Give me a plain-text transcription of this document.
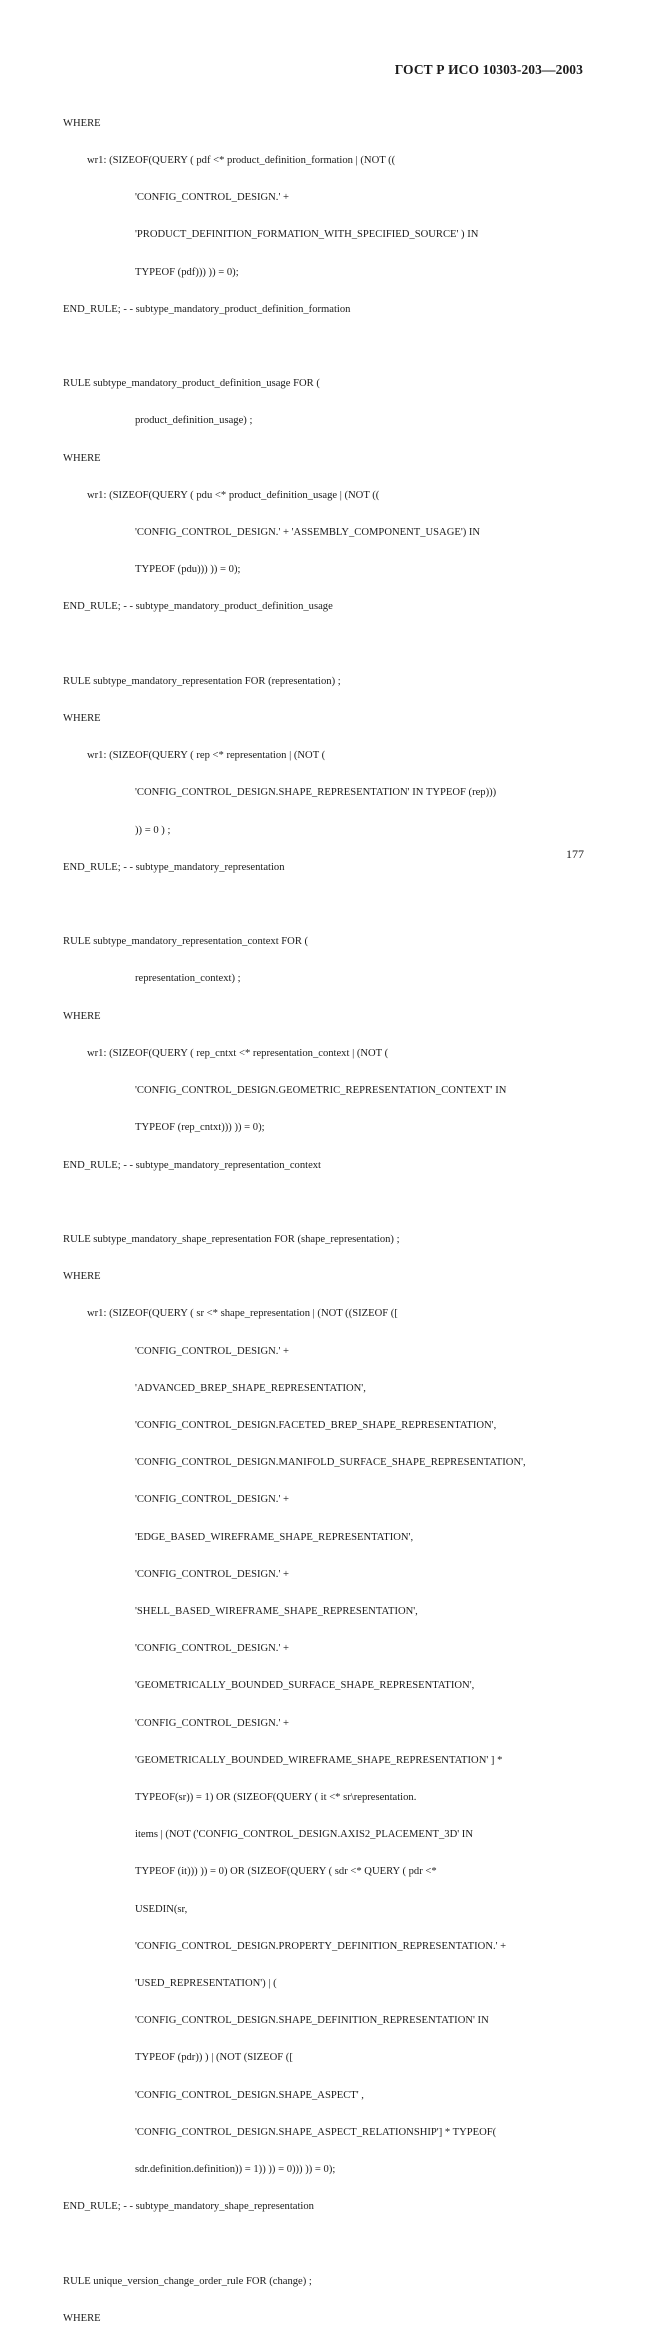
ГОСТ Р ИСО 10303-203—2003

WHERE

wr1: (SIZEOF(QUERY ( pdf <* product_definition_formation | (NOT ((

'CONFIG_CONTROL_DESIGN.' +

'PRODUCT_DEFINITION_FORMATION_WITH_SPECIFIED_SOURCE' ) IN

TYPEOF (pdf))) )) = 0);

END_RULE; - - subtype_mandatory_product_definition_formation

RULE subtype_mandatory_product_definition_usage FOR (

product_definition_usage) ;

WHERE

wr1: (SIZEOF(QUERY ( pdu <* product_definition_usage | (NOT ((

'CONFIG_CONTROL_DESIGN.' + 'ASSEMBLY_COMPONENT_USAGE') IN

TYPEOF (pdu))) )) = 0);

END_RULE; - - subtype_mandatory_product_definition_usage

RULE subtype_mandatory_representation FOR (representation) ;

WHERE

wr1: (SIZEOF(QUERY ( rep <* representation | (NOT (

'CONFIG_CONTROL_DESIGN.SHAPE_REPRESENTATION' IN TYPEOF (rep)))

)) = 0 ) ;

END_RULE; - - subtype_mandatory_representation

RULE subtype_mandatory_representation_context FOR (

representation_context) ;

WHERE

wr1: (SIZEOF(QUERY ( rep_cntxt <* representation_context | (NOT (

'CONFIG_CONTROL_DESIGN.GEOMETRIC_REPRESENTATION_CONTEXT' IN

TYPEOF (rep_cntxt))) )) = 0);

END_RULE; - - subtype_mandatory_representation_context

RULE subtype_mandatory_shape_representation FOR (shape_representation) ;

WHERE

wr1: (SIZEOF(QUERY ( sr <* shape_representation | (NOT ((SIZEOF ([

'CONFIG_CONTROL_DESIGN.' +

'ADVANCED_BREP_SHAPE_REPRESENTATION',

'CONFIG_CONTROL_DESIGN.FACETED_BREP_SHAPE_REPRESENTATION',

'CONFIG_CONTROL_DESIGN.MANIFOLD_SURFACE_SHAPE_REPRESENTATION',

'CONFIG_CONTROL_DESIGN.' +

'EDGE_BASED_WIREFRAME_SHAPE_REPRESENTATION',

'CONFIG_CONTROL_DESIGN.' +

'SHELL_BASED_WIREFRAME_SHAPE_REPRESENTATION',

'CONFIG_CONTROL_DESIGN.' +

'GEOMETRICALLY_BOUNDED_SURFACE_SHAPE_REPRESENTATION',

'CONFIG_CONTROL_DESIGN.' +

'GEOMETRICALLY_BOUNDED_WIREFRAME_SHAPE_REPRESENTATION' ] *

TYPEOF(sr)) = 1) OR (SIZEOF(QUERY ( it <* sr\representation.

items | (NOT ('CONFIG_CONTROL_DESIGN.AXIS2_PLACEMENT_3D' IN

TYPEOF (it))) )) = 0) OR (SIZEOF(QUERY ( sdr <* QUERY ( pdr <*

USEDIN(sr,

'CONFIG_CONTROL_DESIGN.PROPERTY_DEFINITION_REPRESENTATION.' +

'USED_REPRESENTATION') | (

'CONFIG_CONTROL_DESIGN.SHAPE_DEFINITION_REPRESENTATION' IN

TYPEOF (pdr)) ) | (NOT (SIZEOF ([

'CONFIG_CONTROL_DESIGN.SHAPE_ASPECT' ,

'CONFIG_CONTROL_DESIGN.SHAPE_ASPECT_RELATIONSHIP'] * TYPEOF(

sdr.definition.definition)) = 1)) )) = 0))) )) = 0);

END_RULE; - - subtype_mandatory_shape_representation

RULE unique_version_change_order_rule FOR (change) ;

WHERE

177
